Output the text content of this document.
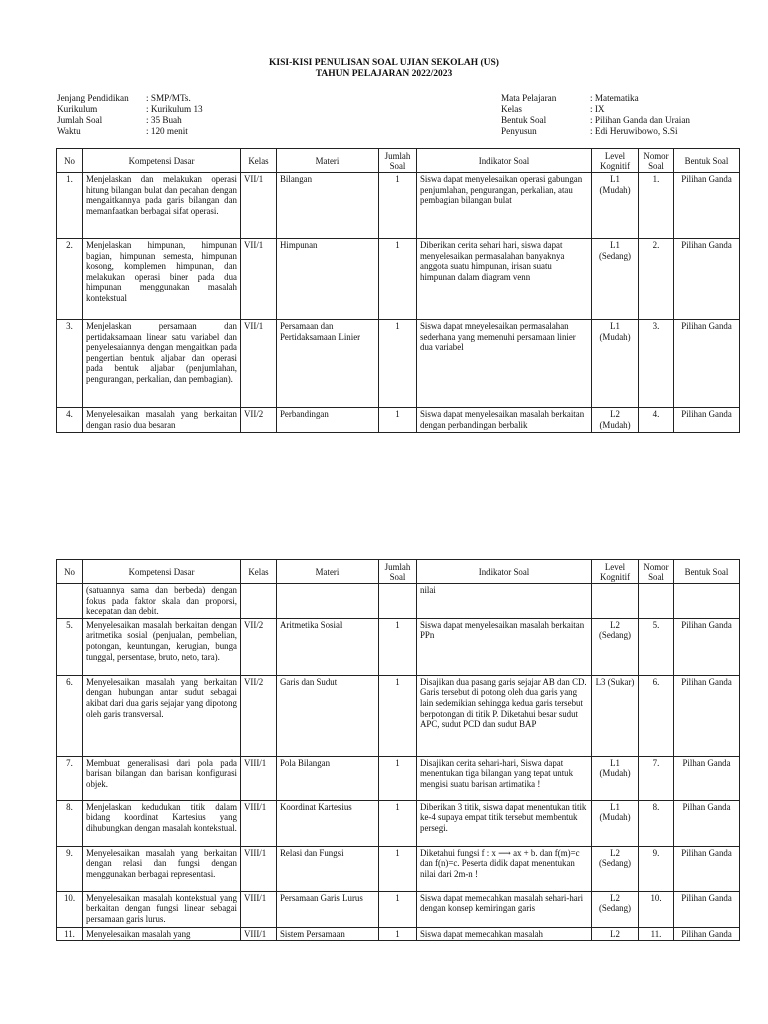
KISI-KISI PENULISAN SOAL UJIAN SEKOLAH (US)
TAHUN PELAJARAN 2022/2023
Jenjang Pendidikan	: SMP/MTs.
Kurikulum	: Kurikulum 13
Jumlah Soal	: 35 Buah
Waktu	: 120 menit
Mata Pelajaran	: Matematika
Kelas	: IX
Bentuk Soal	: Pilihan Ganda dan Uraian
Penyusun	: Edi Heruwibowo, S.Si
No	Kompetensi Dasar	Kelas	Materi	Jumlah Soal	Indikator Soal	Level Kognitif	Nomor Soal	Bentuk Soal
1.	Menjelaskan dan melakukan operasi hitung bilangan bulat dan pecahan dengan mengaitkannya pada garis bilangan dan memanfaatkan berbagai sifat operasi.	VII/1	Bilangan	1	Siswa dapat menyelesaikan operasi gabungan penjumlahan, pengurangan, perkalian, atau pembagian bilangan bulat	L1 (Mudah)	1.	Pilihan Ganda
2.	Menjelaskan himpunan, himpunan bagian, himpunan semesta, himpunan kosong, komplemen himpunan, dan melakukan operasi biner pada dua himpunan menggunakan masalah kontekstual	VII/1	Himpunan	1	Diberikan cerita sehari hari, siswa dapat menyelesaikan permasalahan banyaknya anggota suatu himpunan, irisan suatu himpunan dalam diagram venn	L1 (Sedang)	2.	Pilihan Ganda
3.	Menjelaskan persamaan dan pertidaksamaan linear satu variabel dan penyelesaiannya dengan mengaitkan pada pengertian bentuk aljabar dan operasi pada bentuk aljabar (penjumlahan, pengurangan, perkalian, dan pembagian).	VII/1	Persamaan dan Pertidaksamaan Linier	1	Siswa dapat mneyelesaikan permasalahan sederhana yang memenuhi persamaan linier dua variabel	L1 (Mudah)	3.	Pilihan Ganda
4.	Menyelesaikan masalah yang berkaitan dengan rasio dua besaran	VII/2	Perbandingan	1	Siswa dapat menyelesaikan masalah berkaitan dengan perbandingan berbalik	L2 (Mudah)	4.	Pilihan Ganda
No	Kompetensi Dasar	Kelas	Materi	Jumlah Soal	Indikator Soal	Level Kognitif	Nomor Soal	Bentuk Soal
	(satuannya sama dan berbeda) dengan fokus pada faktor skala dan proporsi, kecepatan dan debit.				nilai			
5.	Menyelesaikan masalah berkaitan dengan aritmetika sosial (penjualan, pembelian, potongan, keuntungan, kerugian, bunga tunggal, persentase, bruto, neto, tara).	VII/2	Aritmetika Sosial	1	Siswa dapat menyelesaikan masalah berkaitan PPn	L2 (Sedang)	5.	Pilihan Ganda
6.	Menyelesaikan masalah yang berkaitan dengan hubungan antar sudut sebagai akibat dari dua garis sejajar yang dipotong oleh garis transversal.	VII/2	Garis dan Sudut	1	Disajikan dua pasang garis sejajar AB dan CD. Garis tersebut di potong oleh dua garis yang lain sedemikian sehingga kedua garis tersebut berpotongan di titik P. Diketahui besar sudut APC, sudut PCD dan sudut BAP	L3 (Sukar)	6.	Pilihan Ganda
7.	Membuat generalisasi dari pola pada barisan bilangan dan barisan konfigurasi objek.	VIII/1	Pola Bilangan	1	Disajikan cerita sehari-hari, Siswa dapat menentukan tiga bilangan yang tepat untuk mengisi suatu barisan artimatika !	L1 (Mudah)	7.	Pilhan Ganda
8.	Menjelaskan kedudukan titik dalam bidang koordinat Kartesius yang dihubungkan dengan masalah kontekstual.	VIII/1	Koordinat Kartesius	1	Diberikan 3 titik, siswa dapat menentukan titik ke-4 supaya empat titik tersebut membentuk persegi.	L1 (Mudah)	8.	Pilhan Ganda
9.	Menyelesaikan masalah yang berkaitan dengan relasi dan fungsi dengan menggunakan berbagai representasi.	VIII/1	Relasi dan Fungsi	1	Diketahui fungsi f : x ⟶ ax + b. dan f(m)=c dan f(n)=c. Peserta didik dapat menentukan nilai dari 2m-n !	L2 (Sedang)	9.	Pilihan Ganda
10.	Menyelesaikan masalah kontekstual yang berkaitan dengan fungsi linear sebagai persamaan garis lurus.	VIII/1	Persamaan Garis Lurus	1	Siswa dapat memecahkan masalah sehari-hari dengan konsep kemiringan garis	L2 (Sedang)	10.	Pilihan Ganda
11.	Menyelesaikan masalah yang	VIII/1	Sistem Persamaan	1	Siswa dapat memecahkan masalah	L2	11.	Pilihan Ganda
